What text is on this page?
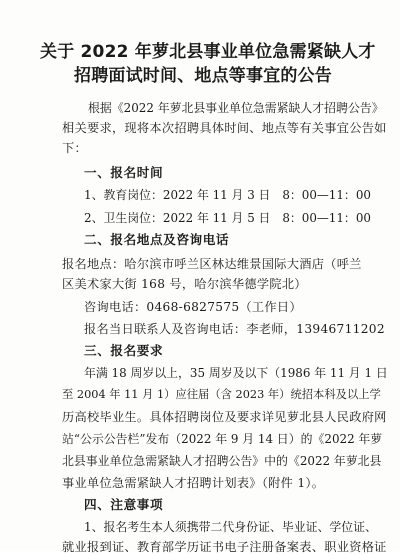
关于 2022 年萝北县事业单位急需紧缺人才
招聘面试时间、地点等事宜的公告
根据《2022 年萝北县事业单位急需紧缺人才招聘公告》
相关要求，现将本次招聘具体时间、地点等有关事宜公告如
下：
一、报名时间
1、教育岗位：2022 年 11 月 3 日　8：00—11：00
2、卫生岗位：2022 年 11 月 5 日　8：00—11：00
二、报名地点及咨询电话
报名地点：哈尔滨市呼兰区林达维景国际大酒店（呼兰
区美术家大街 168 号，哈尔滨华德学院北）
咨询电话：0468-6827575（工作日）
报名当日联系人及咨询电话：李老师，13946711202
三、报名要求
年满 18 周岁以上，35 周岁及以下（1986 年 11 月 1 日
至 2004 年 11 月 1）应往届（含 2023 年）统招本科及以上学
历高校毕业生。具体招聘岗位及要求详见萝北县人民政府网
站“公示公告栏”发布（2022 年 9 月 14 日）的《2022 年萝
北县事业单位急需紧缺人才招聘公告》中的《2022 年萝北县
事业单位急需紧缺人才招聘计划表》（附件 1）。
四、注意事项
1、报名考生本人须携带二代身份证、毕业证、学位证、
就业报到证、教育部学历证书电子注册备案表、职业资格证
